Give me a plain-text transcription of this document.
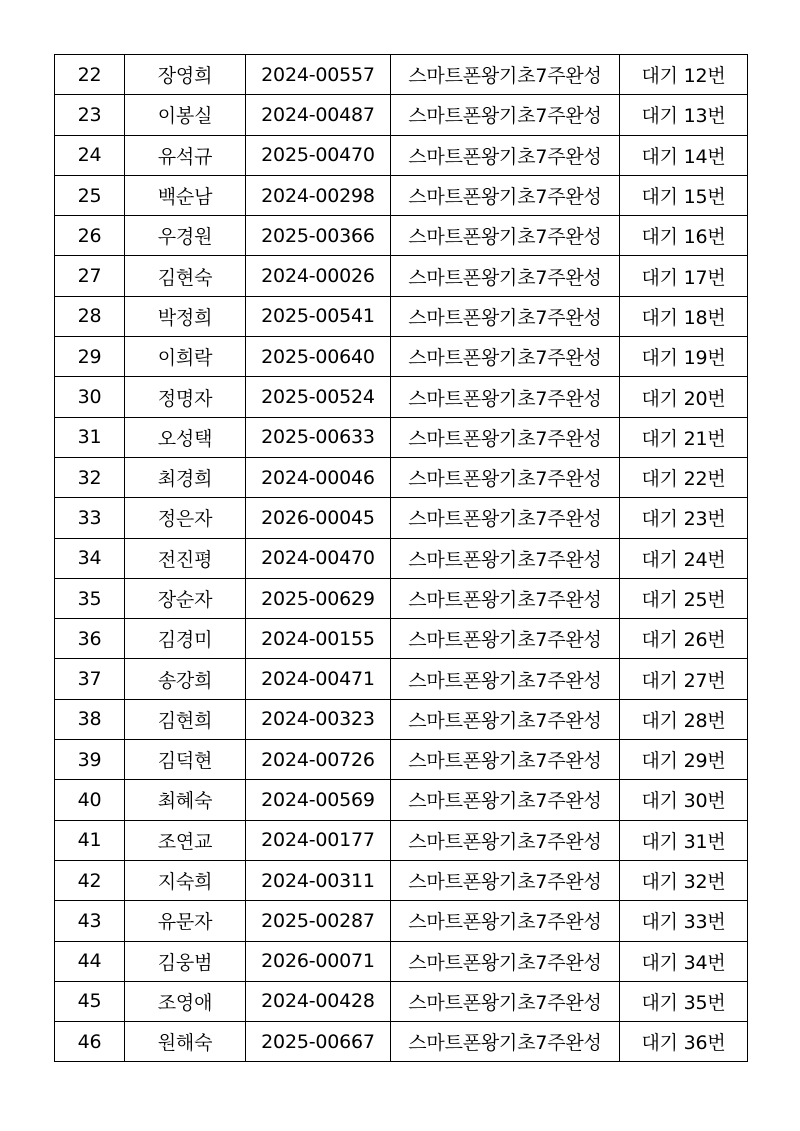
22	장영희	2024-00557	스마트폰왕기초7주완성	대기 12번
23	이봉실	2024-00487	스마트폰왕기초7주완성	대기 13번
24	유석규	2025-00470	스마트폰왕기초7주완성	대기 14번
25	백순남	2024-00298	스마트폰왕기초7주완성	대기 15번
26	우경원	2025-00366	스마트폰왕기초7주완성	대기 16번
27	김현숙	2024-00026	스마트폰왕기초7주완성	대기 17번
28	박정희	2025-00541	스마트폰왕기초7주완성	대기 18번
29	이희락	2025-00640	스마트폰왕기초7주완성	대기 19번
30	정명자	2025-00524	스마트폰왕기초7주완성	대기 20번
31	오성택	2025-00633	스마트폰왕기초7주완성	대기 21번
32	최경희	2024-00046	스마트폰왕기초7주완성	대기 22번
33	정은자	2026-00045	스마트폰왕기초7주완성	대기 23번
34	전진평	2024-00470	스마트폰왕기초7주완성	대기 24번
35	장순자	2025-00629	스마트폰왕기초7주완성	대기 25번
36	김경미	2024-00155	스마트폰왕기초7주완성	대기 26번
37	송강희	2024-00471	스마트폰왕기초7주완성	대기 27번
38	김현희	2024-00323	스마트폰왕기초7주완성	대기 28번
39	김덕현	2024-00726	스마트폰왕기초7주완성	대기 29번
40	최혜숙	2024-00569	스마트폰왕기초7주완성	대기 30번
41	조연교	2024-00177	스마트폰왕기초7주완성	대기 31번
42	지숙희	2024-00311	스마트폰왕기초7주완성	대기 32번
43	유문자	2025-00287	스마트폰왕기초7주완성	대기 33번
44	김웅범	2026-00071	스마트폰왕기초7주완성	대기 34번
45	조영애	2024-00428	스마트폰왕기초7주완성	대기 35번
46	원해숙	2025-00667	스마트폰왕기초7주완성	대기 36번
